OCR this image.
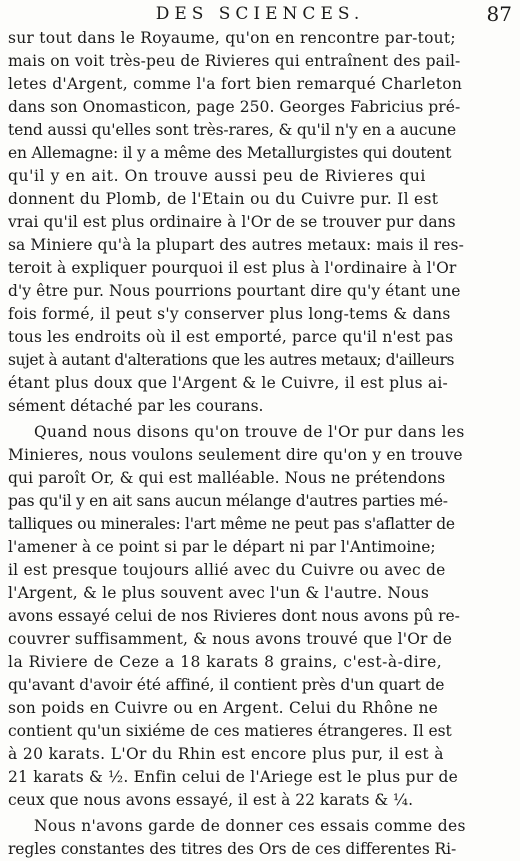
DES SCIENCES.	87
sur tout dans le Royaume, qu'on en rencontre par-tout;
mais on voit très-peu de Rivieres qui entraînent des pail-
letes d'Argent, comme l'a fort bien remarqué Charleton
dans son Onomasticon, page 250. Georges Fabricius pré-
tend aussi qu'elles sont très-rares, & qu'il n'y en a aucune
en Allemagne: il y a même des Metallurgistes qui doutent
qu'il y en ait. On trouve aussi peu de Rivieres qui
donnent du Plomb, de l'Etain ou du Cuivre pur. Il est
vrai qu'il est plus ordinaire à l'Or de se trouver pur dans
sa Miniere qu'à la plupart des autres metaux: mais il res-
teroit à expliquer pourquoi il est plus à l'ordinaire à l'Or
d'y être pur. Nous pourrions pourtant dire qu'y étant une
fois formé, il peut s'y conserver plus long-tems & dans
tous les endroits où il est emporté, parce qu'il n'est pas
sujet à autant d'alterations que les autres metaux; d'ailleurs
étant plus doux que l'Argent & le Cuivre, il est plus ai-
sément détaché par les courans.
Quand nous disons qu'on trouve de l'Or pur dans les
Minieres, nous voulons seulement dire qu'on y en trouve
qui paroît Or, & qui est malléable. Nous ne prétendons
pas qu'il y en ait sans aucun mélange d'autres parties mé-
talliques ou minerales: l'art même ne peut pas s'aflatter de
l'amener à ce point si par le départ ni par l'Antimoine;
il est presque toujours allié avec du Cuivre ou avec de
l'Argent, & le plus souvent avec l'un & l'autre. Nous
avons essayé celui de nos Rivieres dont nous avons pû re-
couvrer suffisamment, & nous avons trouvé que l'Or de
la Riviere de Ceze a 18 karats 8 grains, c'est-à-dire,
qu'avant d'avoir été affiné, il contient près d'un quart de
son poids en Cuivre ou en Argent. Celui du Rhône ne
contient qu'un sixiéme de ces matieres étrangeres. Il est
à 20 karats. L'Or du Rhin est encore plus pur, il est à
21 karats & ½. Enfin celui de l'Ariege est le plus pur de
ceux que nous avons essayé, il est à 22 karats & ¼.
Nous n'avons garde de donner ces essais comme des
regles constantes des titres des Ors de ces differentes Ri-
